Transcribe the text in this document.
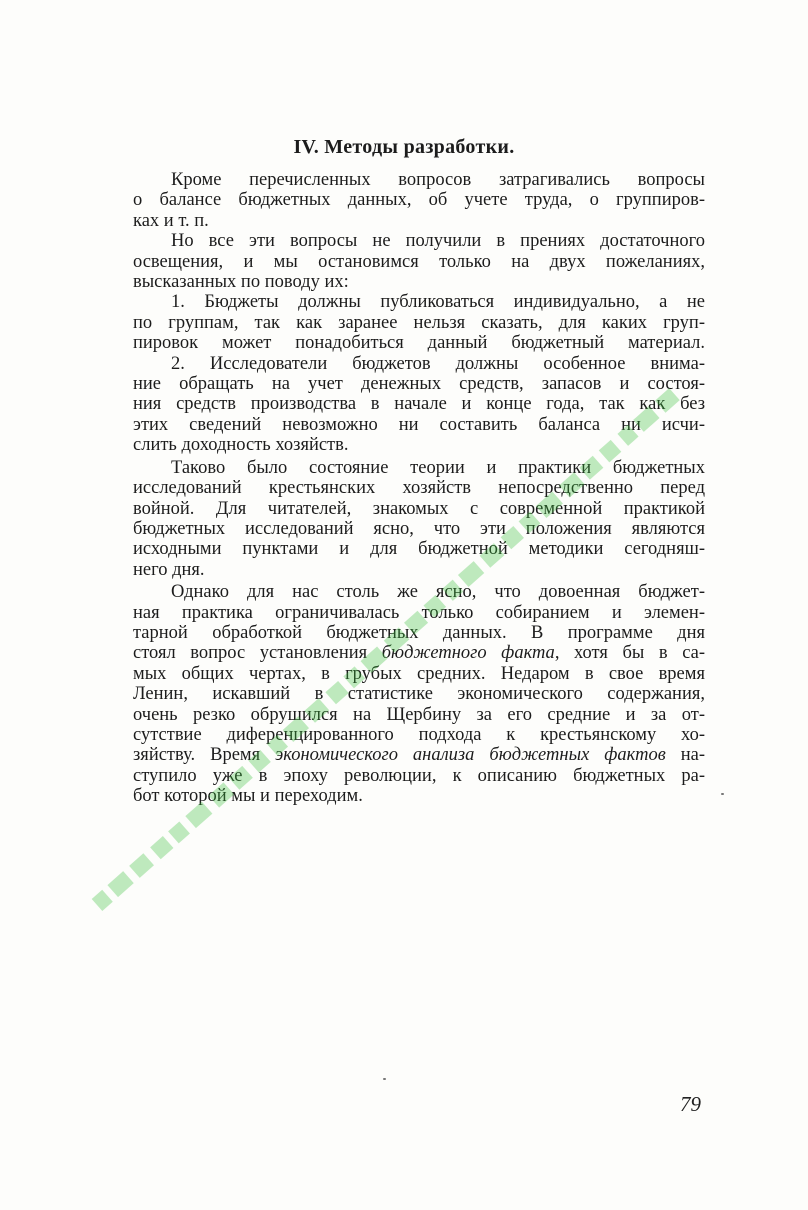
IV. Методы разработки.
Кроме перечисленных вопросов затрагивались вопросы
о балансе бюджетных данных, об учете труда, о группиров-
ках и т. п.
Но все эти вопросы не получили в прениях достаточного
освещения, и мы остановимся только на двух пожеланиях,
высказанных по поводу их:
1. Бюджеты должны публиковаться индивидуально, а не
по группам, так как заранее нельзя сказать, для каких груп-
пировок может понадобиться данный бюджетный материал.
2. Исследователи бюджетов должны особенное внима-
ние обращать на учет денежных средств, запасов и состоя-
ния средств производства в начале и конце года, так как без
этих сведений невозможно ни составить баланса ни исчи-
слить доходность хозяйств.
Таково было состояние теории и практики бюджетных
исследований крестьянских хозяйств непосредственно перед
войной. Для читателей, знакомых с современной практикой
бюджетных исследований ясно, что эти положения являются
исходными пунктами и для бюджетной методики сегодняш-
него дня.
Однако для нас столь же ясно, что довоенная бюджет-
ная практика ограничивалась только собиранием и элемен-
тарной обработкой бюджетных данных. В программе дня
стоял вопрос установления бюджетного факта, хотя бы в са-
мых общих чертах, в грубых средних. Недаром в свое время
Ленин, искавший в статистике экономического содержания,
очень резко обрушился на Щербину за его средние и за от-
сутствие диференцированного подхода к крестьянскому хо-
зяйству. Время экономического анализа бюджетных фактов на-
ступило уже в эпоху революции, к описанию бюджетных ра-
бот которой мы и переходим.
79
